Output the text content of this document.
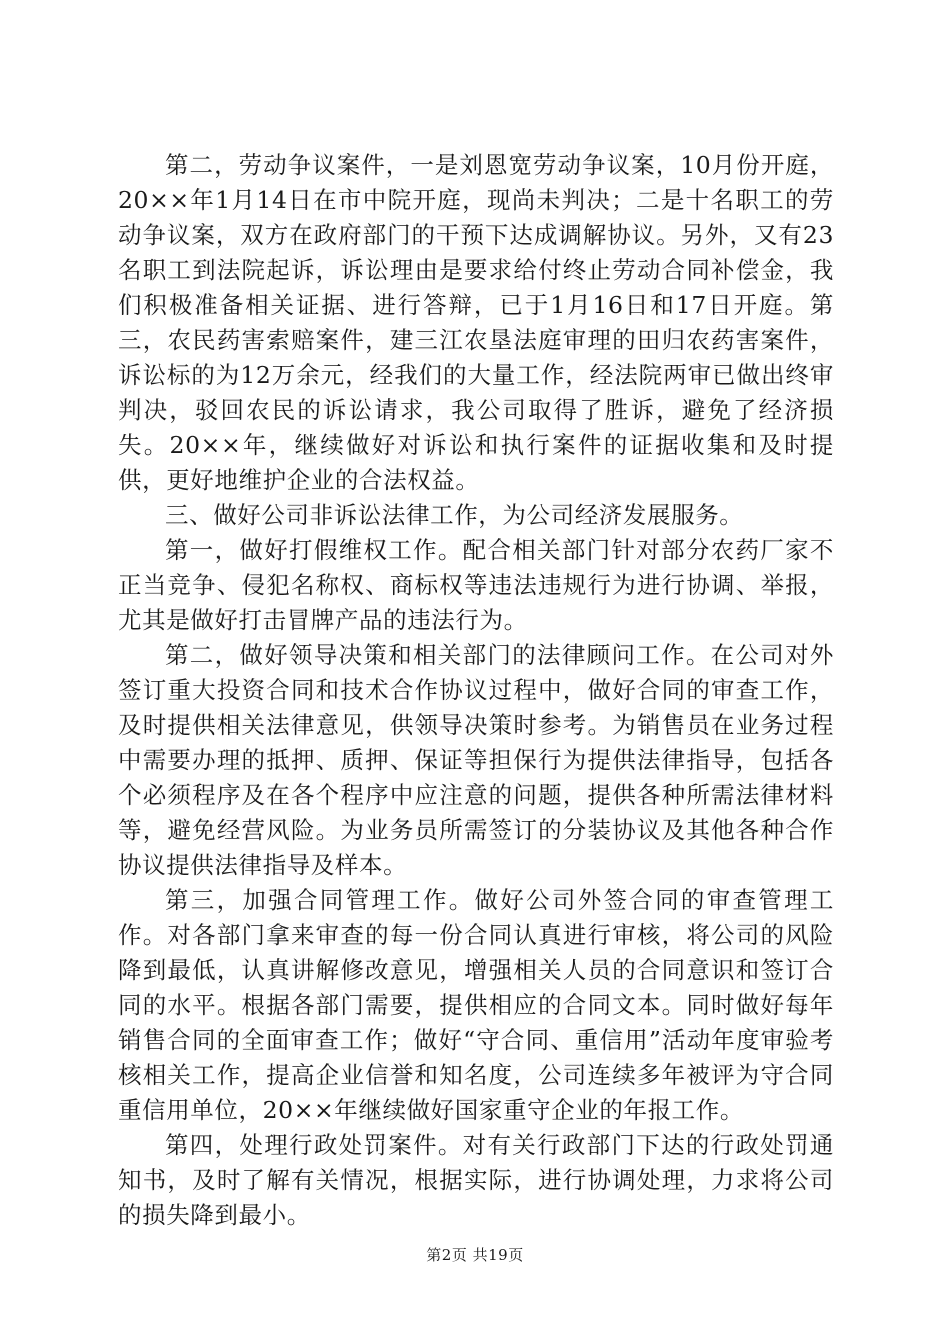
第二，劳动争议案件，一是刘恩宽劳动争议案，10月份开庭，20××年1月14日在市中院开庭，现尚未判决；二是十名职工的劳动争议案，双方在政府部门的干预下达成调解协议。另外，又有23名职工到法院起诉，诉讼理由是要求给付终止劳动合同补偿金，我们积极准备相关证据、进行答辩，已于1月16日和17日开庭。第三，农民药害索赔案件，建三江农垦法庭审理的田归农药害案件，诉讼标的为12万余元，经我们的大量工作，经法院两审已做出终审判决，驳回农民的诉讼请求，我公司取得了胜诉，避免了经济损失。20××年，继续做好对诉讼和执行案件的证据收集和及时提供，更好地维护企业的合法权益。

三、做好公司非诉讼法律工作，为公司经济发展服务。

第一，做好打假维权工作。配合相关部门针对部分农药厂家不正当竞争、侵犯名称权、商标权等违法违规行为进行协调、举报，尤其是做好打击冒牌产品的违法行为。

第二，做好领导决策和相关部门的法律顾问工作。在公司对外签订重大投资合同和技术合作协议过程中，做好合同的审查工作，及时提供相关法律意见，供领导决策时参考。为销售员在业务过程中需要办理的抵押、质押、保证等担保行为提供法律指导，包括各个必须程序及在各个程序中应注意的问题，提供各种所需法律材料等，避免经营风险。为业务员所需签订的分装协议及其他各种合作协议提供法律指导及样本。

第三，加强合同管理工作。做好公司外签合同的审查管理工作。对各部门拿来审查的每一份合同认真进行审核，将公司的风险降到最低，认真讲解修改意见，增强相关人员的合同意识和签订合同的水平。根据各部门需要，提供相应的合同文本。同时做好每年销售合同的全面审查工作；做好“守合同、重信用”活动年度审验考核相关工作，提高企业信誉和知名度，公司连续多年被评为守合同重信用单位，20××年继续做好国家重守企业的年报工作。

第四，处理行政处罚案件。对有关行政部门下达的行政处罚通知书，及时了解有关情况，根据实际，进行协调处理，力求将公司的损失降到最小。

第2页 共19页
